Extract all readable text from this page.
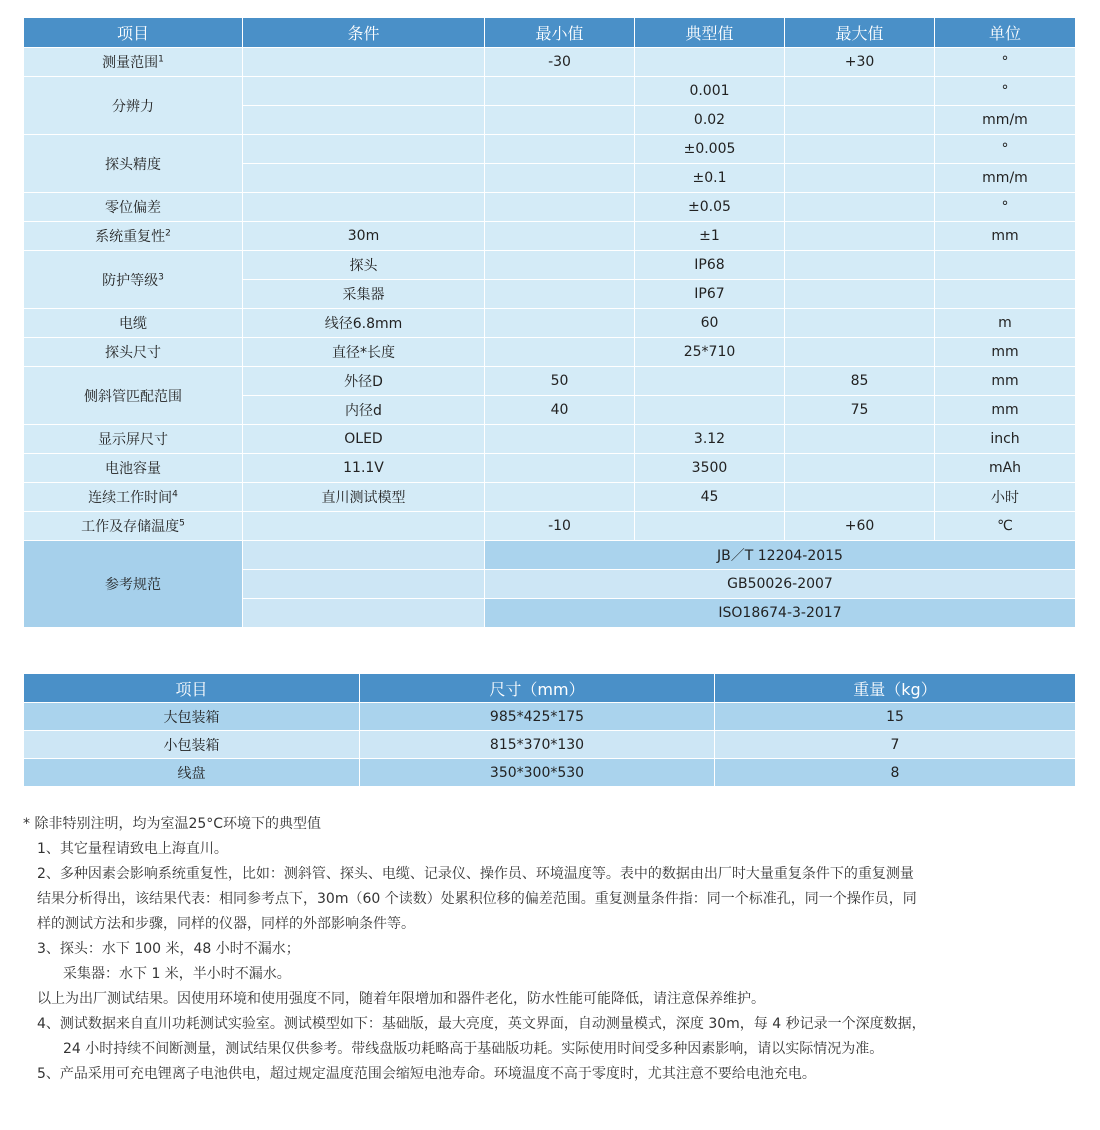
项目	条件	最小值	典型值	最大值	单位
测量范围$^1$		-30		+30	°
分辨力			0.001		°
			0.02		mm/m
探头精度			±0.005		°
			±0.1		mm/m
零位偏差			±0.05		°
系统重复性$^2$	30m		±1		mm
防护等级$^3$	探头		IP68		
	采集器		IP67		
电缆	线径6.8mm		60		m
探头尺寸	直径*长度		25*710		mm
侧斜管匹配范围	外径D	50		85	mm
	内径d	40		75	mm
显示屏尺寸	OLED		3.12		inch
电池容量	11.1V		3500		mAh
连续工作时间$^4$	直川测试模型		45		小时
工作及存储温度$^5$		-10		+60	℃
参考规范		JB／T 12204-2015			
		GB50026-2007			
		ISO18674-3-2017			
项目	尺寸（mm）	重量（kg）
大包装箱	985*425*175	15
小包装箱	815*370*130	7
线盘	350*300*530	8

* 除非特别注明，均为室温25°C环境下的典型值

1、其它量程请致电上海直川。

2、多种因素会影响系统重复性，比如：测斜管、探头、电缆、记录仪、操作员、环境温度等。表中的数据由出厂时大量重复条件下的重复测量

结果分析得出，该结果代表：相同参考点下，30m（60 个读数）处累积位移的偏差范围。重复测量条件指：同一个标准孔，同一个操作员，同

样的测试方法和步骤，同样的仪器，同样的外部影响条件等。

3、探头：水下 100 米，48 小时不漏水；

采集器：水下 1 米，半小时不漏水。

以上为出厂测试结果。因使用环境和使用强度不同，随着年限增加和器件老化，防水性能可能降低，请注意保养维护。

4、测试数据来自直川功耗测试实验室。测试模型如下：基础版，最大亮度，英文界面，自动测量模式，深度 30m，每 4 秒记录一个深度数据，

24 小时持续不间断测量，测试结果仅供参考。带线盘版功耗略高于基础版功耗。实际使用时间受多种因素影响，请以实际情况为准。

5、产品采用可充电锂离子电池供电，超过规定温度范围会缩短电池寿命。环境温度不高于零度时，尤其注意不要给电池充电。
